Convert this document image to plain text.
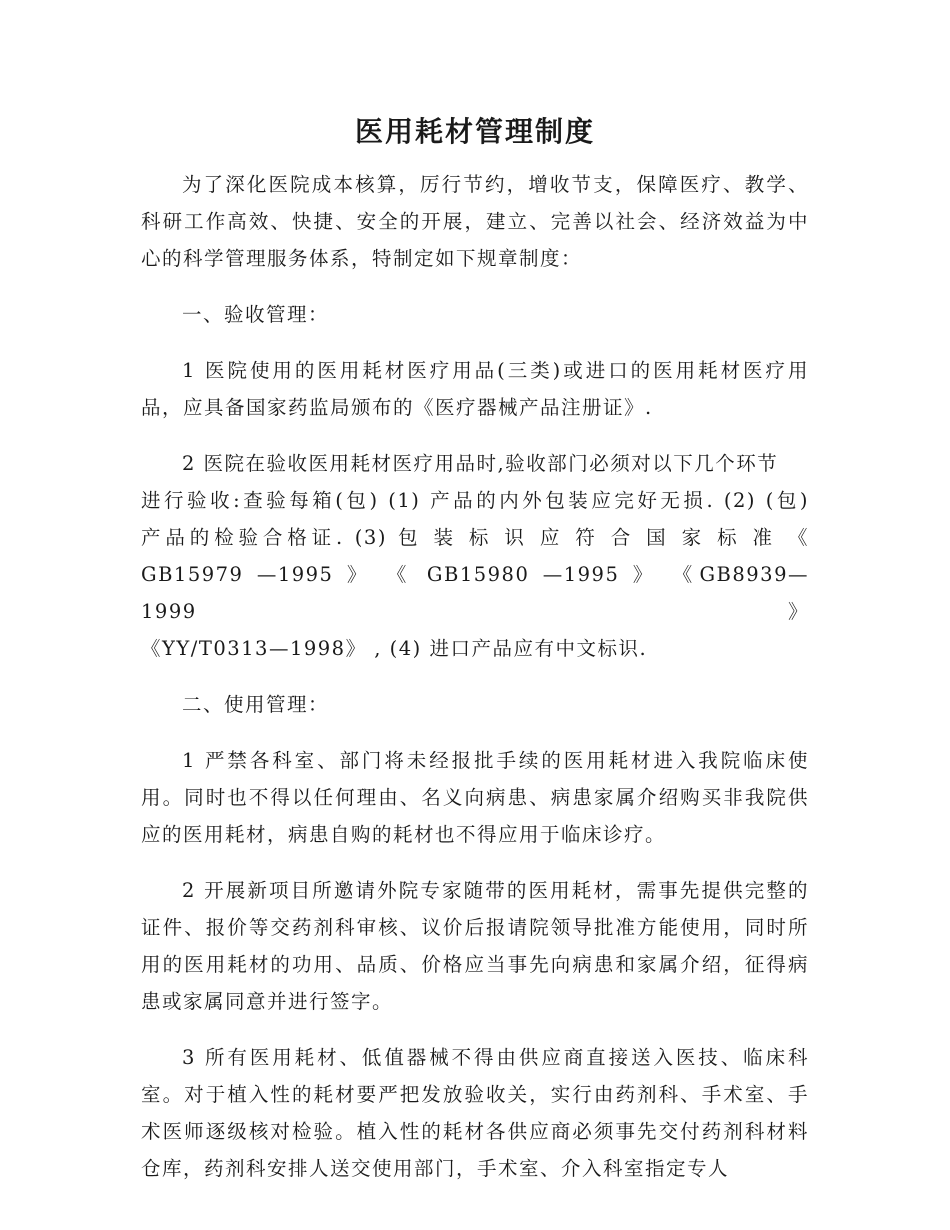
医用耗材管理制度

为了深化医院成本核算，厉行节约，增收节支，保障医疗、教学、科研工作高效、快捷、安全的开展，建立、完善以社会、经济效益为中心的科学管理服务体系，特制定如下规章制度：

一、验收管理：

1 医院使用的医用耗材医疗用品(三类)或进口的医用耗材医疗用品，应具备国家药监局颁布的《医疗器械产品注册证》.

2 医院在验收医用耗材医疗用品时,验收部门必须对以下几个环节
进行验收:查验每箱(包) (1) 产品的内外包装应完好无损. (2) (包)
产品的检验合格证. (3) 包 装 标 识 应 符 合 国 家 标 准 《
GB15979 —1995 》 《 GB15980 —1995 》 《GB8939—1999》
《YY/T0313—1998》 , (4) 进口产品应有中文标识.

二、使用管理：

1 严禁各科室、部门将未经报批手续的医用耗材进入我院临床使用。同时也不得以任何理由、名义向病患、病患家属介绍购买非我院供应的医用耗材，病患自购的耗材也不得应用于临床诊疗。

2 开展新项目所邀请外院专家随带的医用耗材，需事先提供完整的证件、报价等交药剂科审核、议价后报请院领导批准方能使用，同时所用的医用耗材的功用、品质、价格应当事先向病患和家属介绍，征得病患或家属同意并进行签字。

3 所有医用耗材、低值器械不得由供应商直接送入医技、临床科室。对于植入性的耗材要严把发放验收关，实行由药剂科、手术室、手术医师逐级核对检验。植入性的耗材各供应商必须事先交付药剂科材料仓库，药剂科安排人送交使用部门，手术室、介入科室指定专人
